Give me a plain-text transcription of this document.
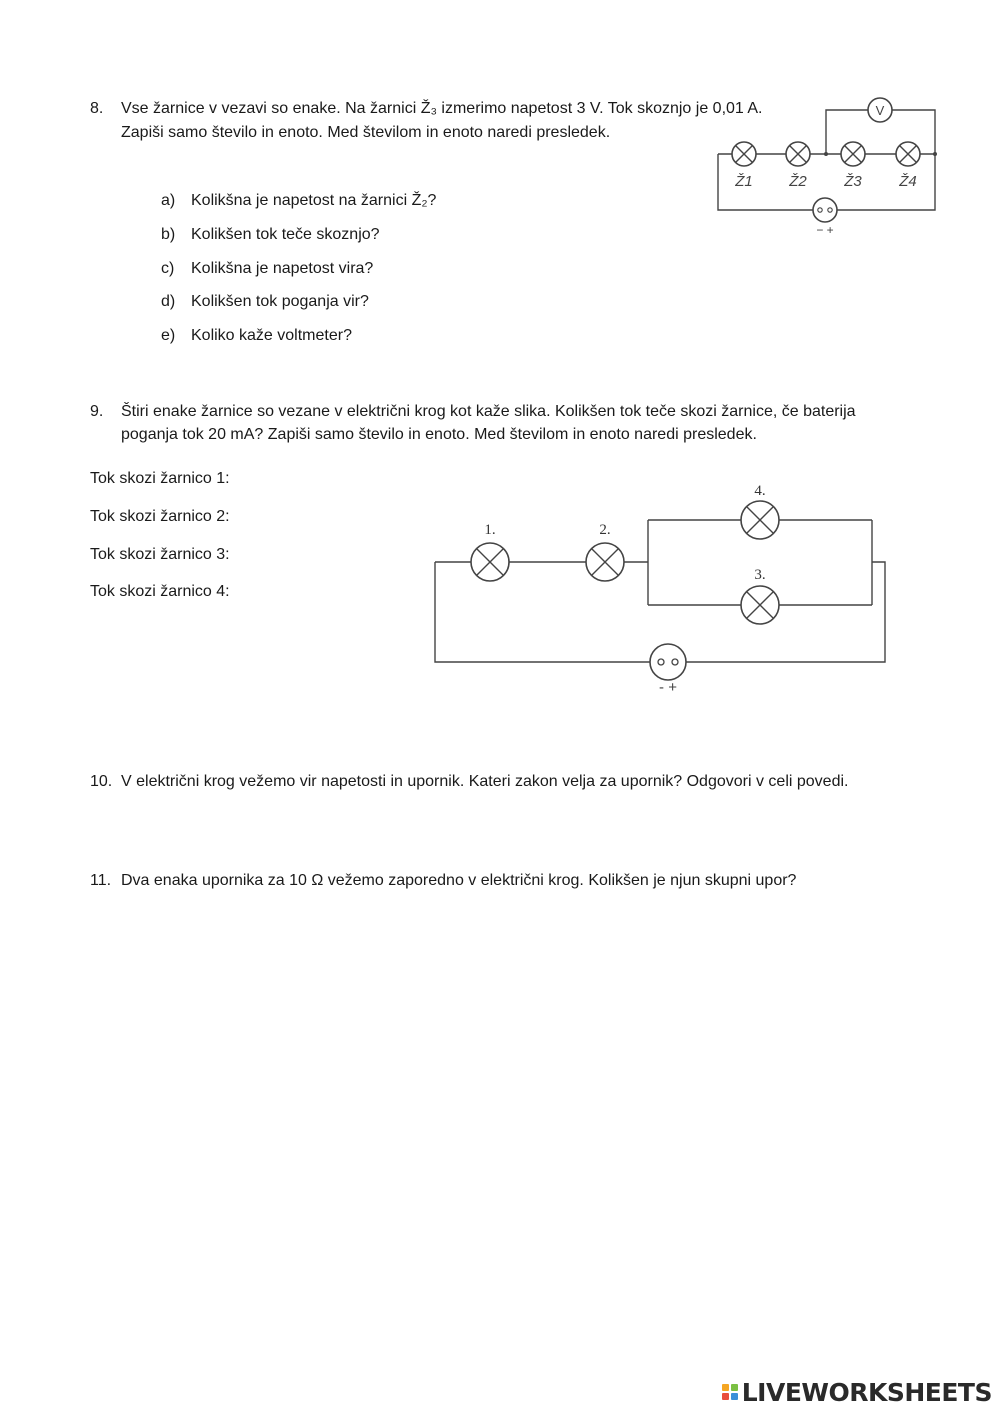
8. Vse žarnice v vezavi so enake. Na žarnici Ž₃ izmerimo napetost 3 V. Tok skoznjo je 0,01 A.
Zapiši samo število in enoto. Med številom in enoto naredi presledek.
a) Kolikšna je napetost na žarnici Ž₂?
b) Kolikšen tok teče skoznjo?
c) Kolikšna je napetost vira?
d) Kolikšen tok poganja vir?
e) Koliko kaže voltmeter?
V
Ž1 Ž2 Ž3 Ž4
− +
9. Štiri enake žarnice so vezane v električni krog kot kaže slika. Kolikšen tok teče skozi žarnice, če baterija
poganja tok 20 mA? Zapiši samo število in enoto. Med številom in enoto naredi presledek.
Tok skozi žarnico 1:
Tok skozi žarnico 2:
Tok skozi žarnico 3:
Tok skozi žarnico 4:
1.	2.
3.
4.
- +
10. V električni krog vežemo vir napetosti in upornik. Kateri zakon velja za upornik? Odgovori v celi povedi.
11. Dva enaka upornika za 10 Ω vežemo zaporedno v električni krog. Kolikšen je njun skupni upor?
LIVEWORKSHEETS
